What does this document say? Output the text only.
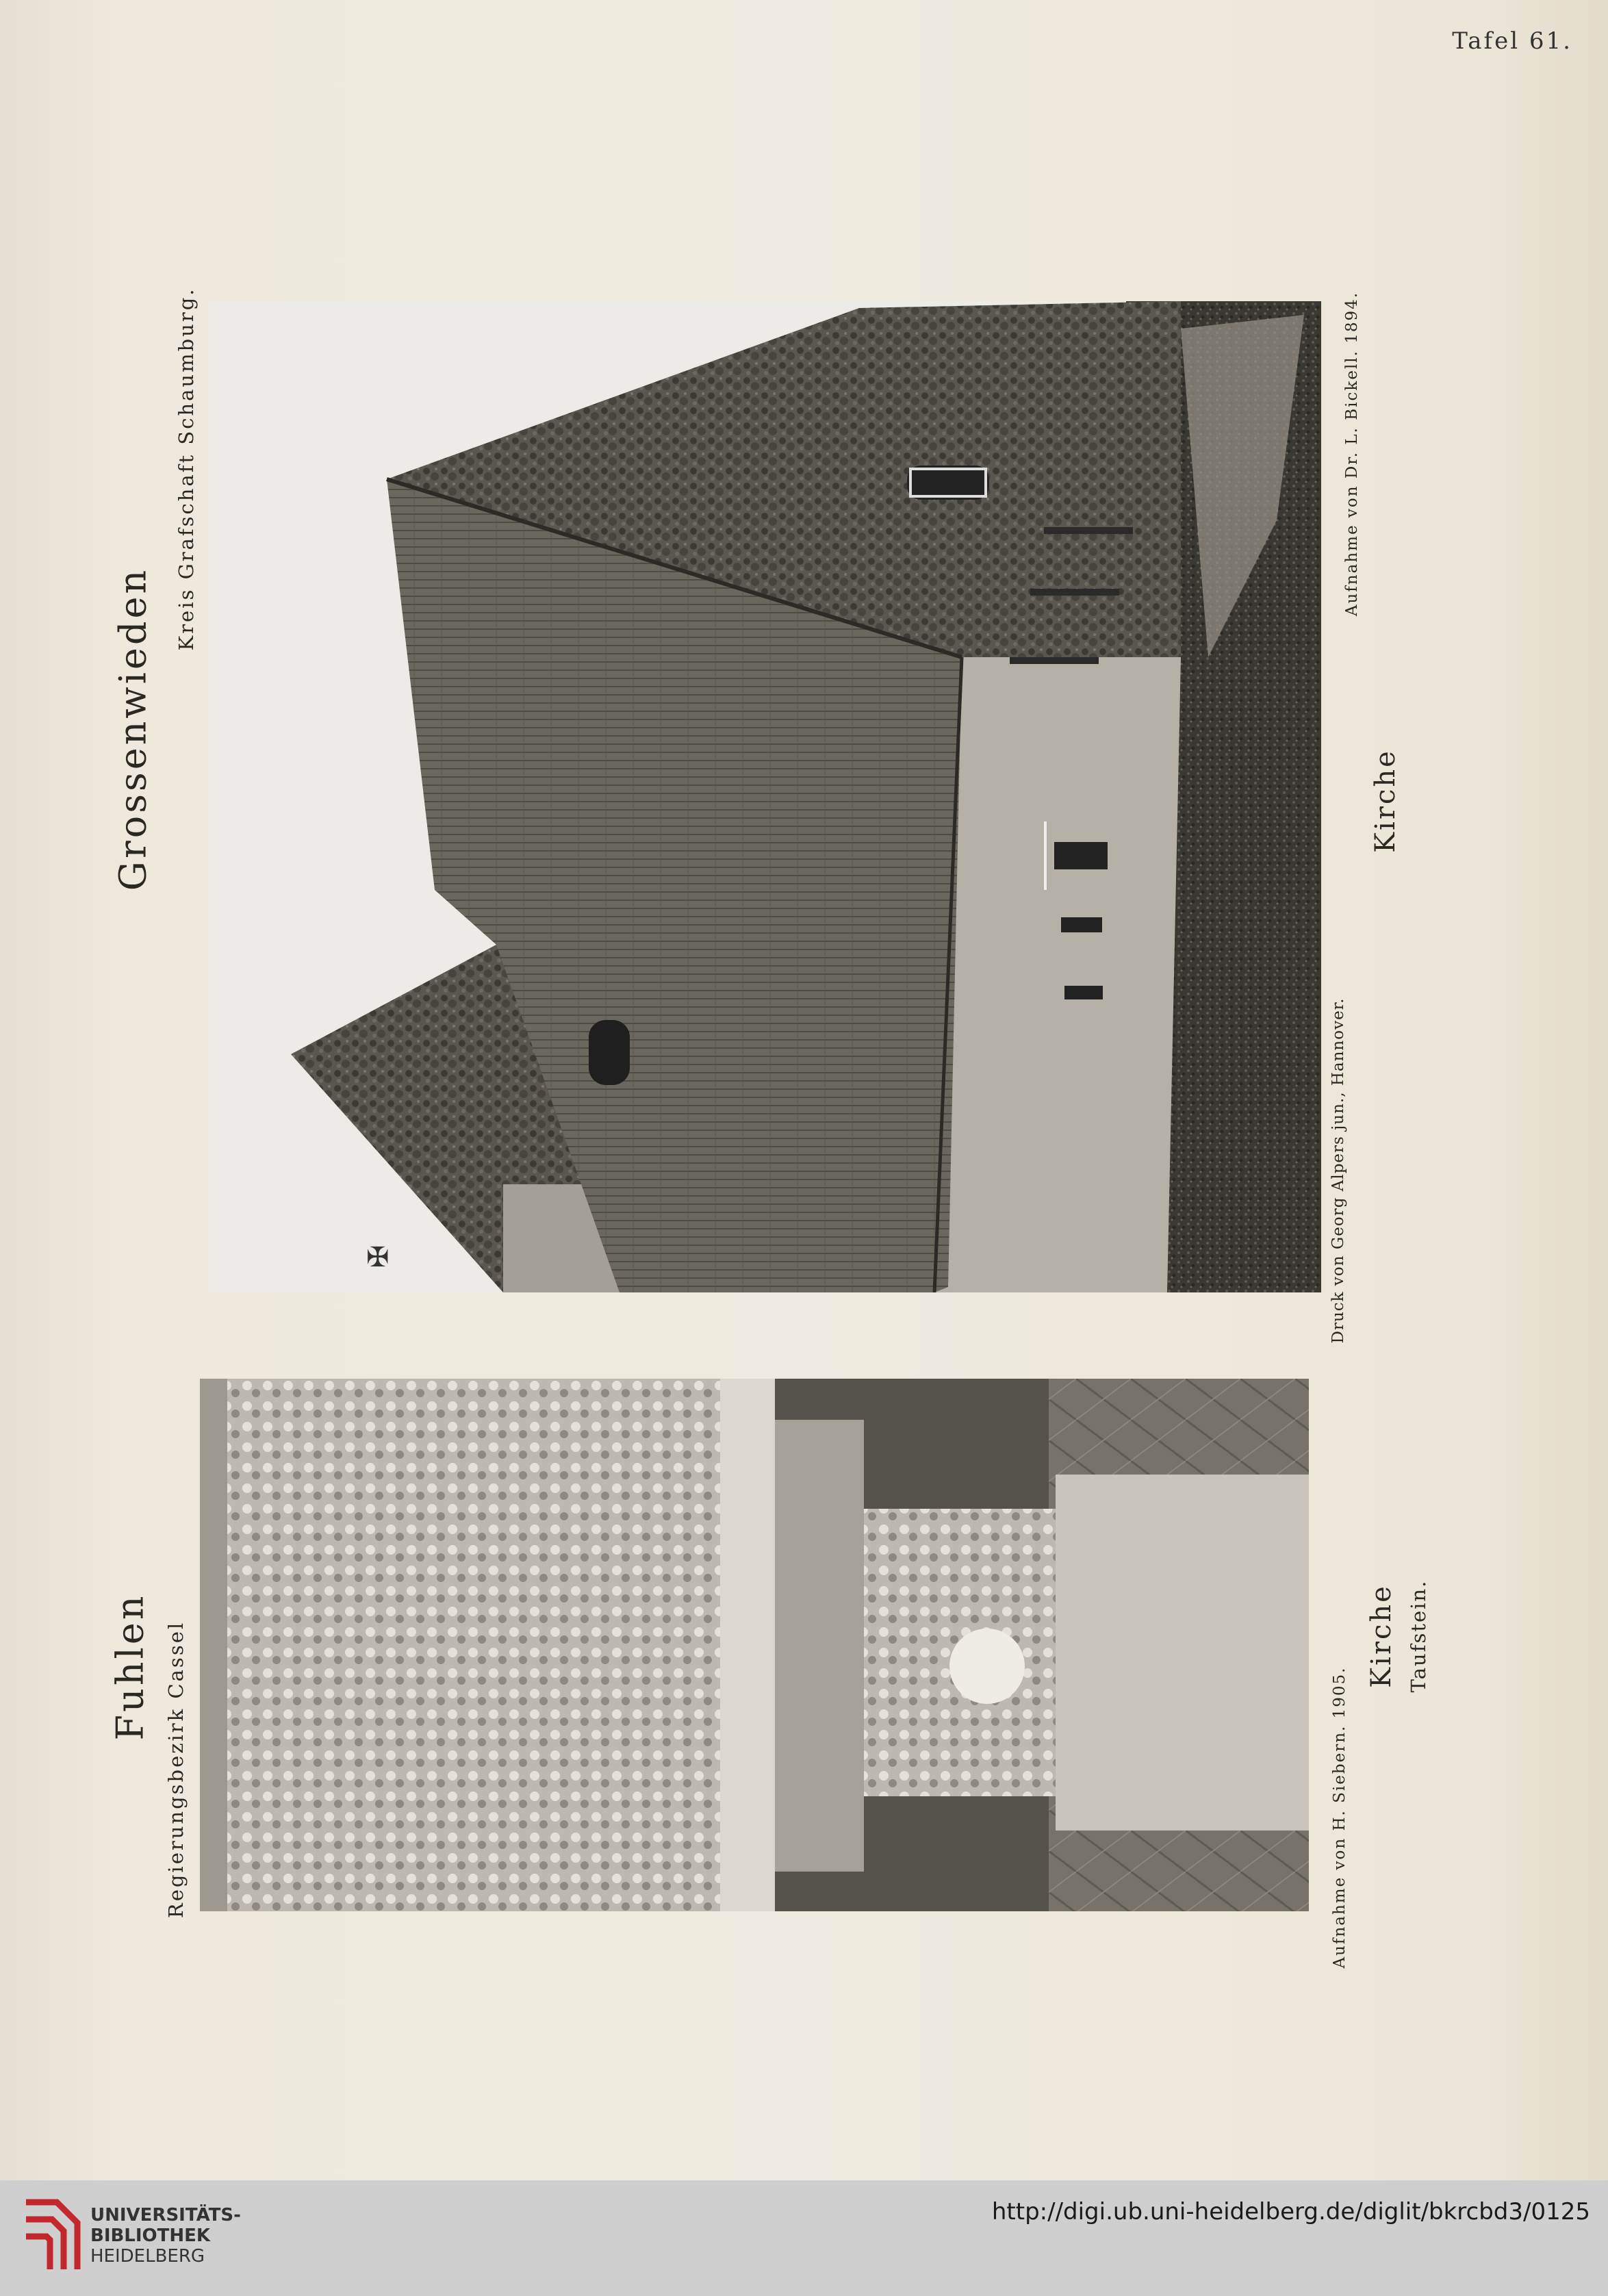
Tafel 61.
✠
Grossenwieden
Kreis Grafschaft Schaumburg.	Aufnahme von Dr. L. Bickell. 1894.
Druck von Georg Alpers jun., Hannover.
Kirche
Fuhlen Regierungsbezirk Cassel	Aufnahme von H. Siebern. 1905.
Kirche Taufstein.
UNIVERSITÄTS-
BIBLIOTHEK
HEIDELBERG
http://digi.ub.uni-heidelberg.de/diglit/bkrcbd3/0125
